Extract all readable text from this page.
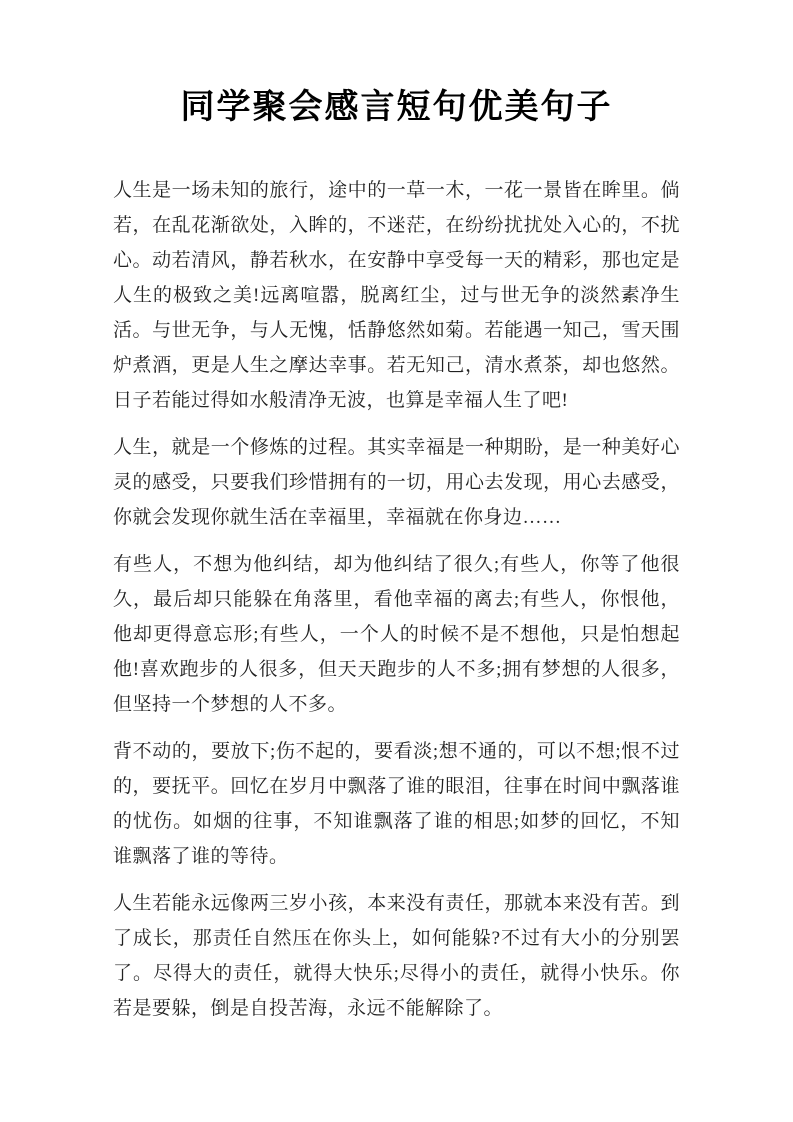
同学聚会感言短句优美句子

人生是一场未知的旅行，途中的一草一木，一花一景皆在眸里。倘若，在乱花渐欲处，入眸的，不迷茫，在纷纷扰扰处入心的，不扰心。动若清风，静若秋水，在安静中享受每一天的精彩，那也定是人生的极致之美!远离喧嚣，脱离红尘，过与世无争的淡然素净生活。与世无争，与人无愧，恬静悠然如菊。若能遇一知己，雪天围炉煮酒，更是人生之摩达幸事。若无知己，清水煮茶，却也悠然。日子若能过得如水般清净无波，也算是幸福人生了吧!

人生，就是一个修炼的过程。其实幸福是一种期盼，是一种美好心灵的感受，只要我们珍惜拥有的一切，用心去发现，用心去感受，你就会发现你就生活在幸福里，幸福就在你身边……

有些人，不想为他纠结，却为他纠结了很久;有些人，你等了他很久，最后却只能躲在角落里，看他幸福的离去;有些人，你恨他，他却更得意忘形;有些人，一个人的时候不是不想他，只是怕想起他!喜欢跑步的人很多，但天天跑步的人不多;拥有梦想的人很多，但坚持一个梦想的人不多。

背不动的，要放下;伤不起的，要看淡;想不通的，可以不想;恨不过的，要抚平。回忆在岁月中飘落了谁的眼泪，往事在时间中飘落谁的忧伤。如烟的往事，不知谁飘落了谁的相思;如梦的回忆，不知谁飘落了谁的等待。

人生若能永远像两三岁小孩，本来没有责任，那就本来没有苦。到了成长，那责任自然压在你头上，如何能躲?不过有大小的分别罢了。尽得大的责任，就得大快乐;尽得小的责任，就得小快乐。你若是要躲，倒是自投苦海，永远不能解除了。
